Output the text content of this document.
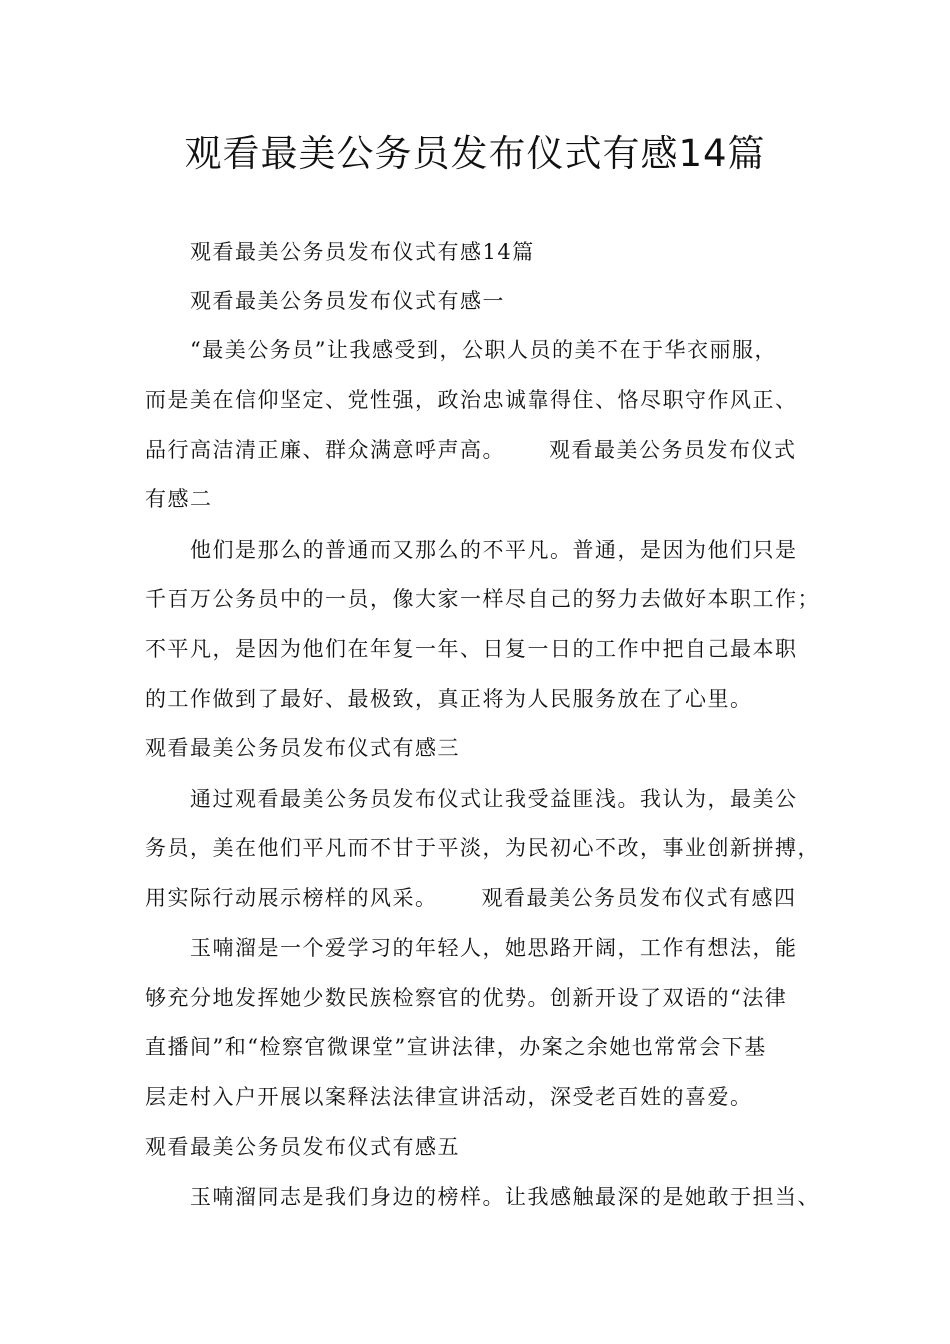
观看最美公务员发布仪式有感14篇
观看最美公务员发布仪式有感14篇
观看最美公务员发布仪式有感一
“最美公务员”让我感受到，公职人员的美不在于华衣丽服，
而是美在信仰坚定、党性强，政治忠诚靠得住、恪尽职守作风正、
品行高洁清正廉、群众满意呼声高。 观看最美公务员发布仪式
有感二
他们是那么的普通而又那么的不平凡。普通，是因为他们只是
千百万公务员中的一员，像大家一样尽自己的努力去做好本职工作；
不平凡，是因为他们在年复一年、日复一日的工作中把自己最本职
的工作做到了最好、最极致，真正将为人民服务放在了心里。
观看最美公务员发布仪式有感三
通过观看最美公务员发布仪式让我受益匪浅。我认为，最美公
务员，美在他们平凡而不甘于平淡，为民初心不改，事业创新拼搏，
用实际行动展示榜样的风采。 观看最美公务员发布仪式有感四
玉喃溜是一个爱学习的年轻人，她思路开阔，工作有想法，能
够充分地发挥她少数民族检察官的优势。创新开设了双语的“法律
直播间”和“检察官微课堂”宣讲法律，办案之余她也常常会下基
层走村入户开展以案释法法律宣讲活动，深受老百姓的喜爱。
观看最美公务员发布仪式有感五
玉喃溜同志是我们身边的榜样。让我感触最深的是她敢于担当、
